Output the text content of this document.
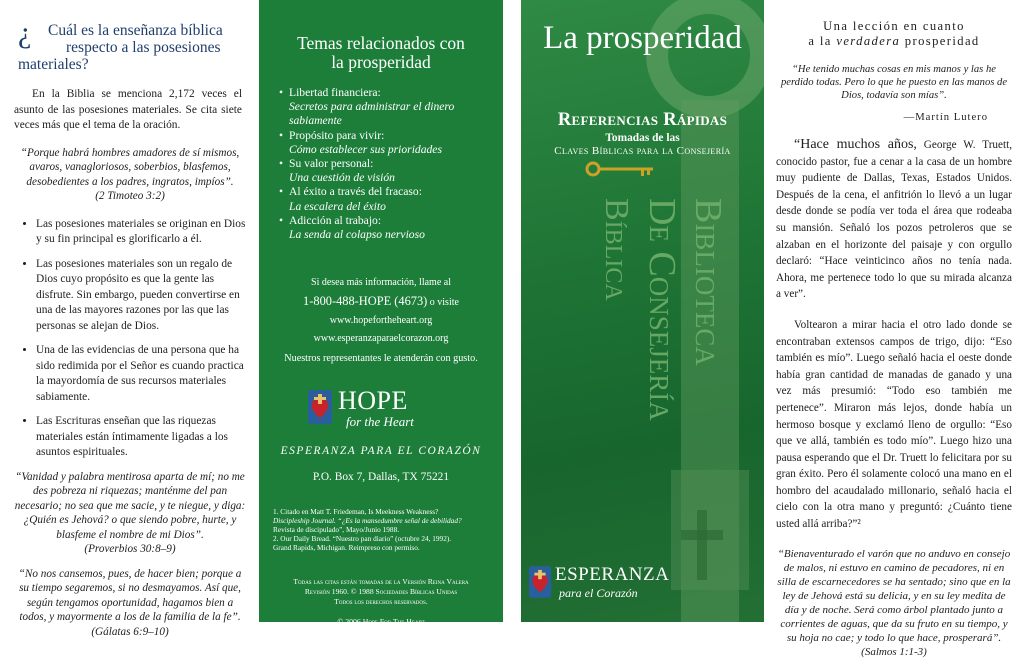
¿	Cuál es la enseñanza bíblica
respecto a las posesiones
materiales?

En la Biblia se menciona 2,172 veces el asunto de las posesiones materiales. Se cita siete veces más que el tema de la oración.

“Porque habrá hombres amadores de sí mismos, avaros, vanagloriosos, soberbios, blasfemos, desobedientes a los padres, ingratos, impíos”.
(2 Timoteo 3:2)
• Las posesiones materiales se originan en Dios y su fin principal es glorificarlo a él.
• Las posesiones materiales son un regalo de Dios cuyo propósito es que la gente las disfrute. Sin embargo, pueden convertirse en una de las mayores razones por las que las personas se alejan de Dios.
• Una de las evidencias de una persona que ha sido redimida por el Señor es cuando practica la mayordomía de sus recursos materiales sabiamente.
• Las Escrituras enseñan que las riquezas materiales están íntimamente ligadas a los asuntos espirituales.
“Vanidad y palabra mentirosa aparta de mí; no me des pobreza ni riquezas; manténme del pan necesario; no sea que me sacie, y te niegue, y diga: ¿Quién es Jehová? o que siendo pobre, hurte, y blasfeme el nombre de mi Dios”.
(Proverbios 30:8–9)
“No nos cansemos, pues, de hacer bien; porque a su tiempo segaremos, si no desmayamos. Así que, según tengamos oportunidad, hagamos bien a todos, y mayormente a los de la familia de la fe”.
(Gálatas 6:9–10)
Temas relacionados con
la prosperidad
• Libertad financiera:
Secretos para administrar el dinero sabiamente
• Propósito para vivir:
Cómo establecer sus prioridades
• Su valor personal:
Una cuestión de visión
• Al éxito a través del fracaso:
La escalera del éxito
• Adicción al trabajo:
La senda al colapso nervioso
Si desea más información, llame al
1-800-488-HOPE (4673) o visite
www.hopefortheheart.org
www.esperanzaparaelcorazon.org
Nuestros representantes le atenderán con gusto.
HOPE
for the Heart
ESPERANZA PARA EL CORAZÓN
P.O. Box 7, Dallas, TX 75221
1. Citado en Matt T. Friedeman, Is Meekness Weakness?
Discipleship Journal. “¿Es la mansedumbre señal de debilidad?
Revista de discipulado”, Mayo/Junio 1988.
2. Our Daily Bread. “Nuestro pan diario” (octubre 24, 1992).
Grand Rapids, Michigan. Reimpreso con permiso.
Todas las citas están tomadas de la Versión Reina Valera
Revisión 1960. © 1988 Sociedades Bíblicas Unidas
Todos los derechos reservados.
© 2006 Hope For The Heart
La prosperidad
Referencias Rápidas
Tomadas de las
Claves Bíblicas para la Consejería
Biblioteca
De Consejería
Bíblica
ESPERANZA
para el Corazón
Una lección en cuanto
a la verdadera prosperidad
“He tenido muchas cosas en mis manos y las he perdido todas. Pero lo que he puesto en las manos de Dios, todavía son mías”.
—Martín Lutero
“Hace muchos años, George W. Truett, conocido pastor, fue a cenar a la casa de un hombre muy pudiente de Dallas, Texas, Estados Unidos. Después de la cena, el anfitrión lo llevó a un lugar desde donde se podía ver toda el área que rodeaba su mansión. Señaló los pozos petroleros que se alzaban en el horizonte del paisaje y con orgullo declaró: “Hace veinticinco años no tenía nada. Ahora, me pertenece todo lo que su mirada alcanza a ver”.
Voltearon a mirar hacia el otro lado donde se encontraban extensos campos de trigo, dijo: “Eso también es mío”. Luego señaló hacia el oeste donde había gran cantidad de manadas de ganado y una vez más presumió: “Todo eso también me pertenece”. Miraron más lejos, donde había un hermoso bosque y exclamó lleno de orgullo: “Eso que ve allá, también es todo mío”. Luego hizo una pausa esperando que el Dr. Truett lo felicitara por su gran éxito. Pero él solamente colocó una mano en el hombro del acaudalado millonario, señaló hacia el cielo con la otra mano y preguntó: ¿Cuánto tiene usted allá arriba?”²
“Bienaventurado el varón que no anduvo en consejo de malos, ni estuvo en camino de pecadores, ni en silla de escarnecedores se ha sentado; sino que en la ley de Jehová está su delicia, y en su ley medita de día y de noche. Será como árbol plantado junto a corrientes de aguas, que da su fruto en su tiempo, y su hoja no cae; y todo lo que hace, prosperará”.
(Salmos 1:1-3)
